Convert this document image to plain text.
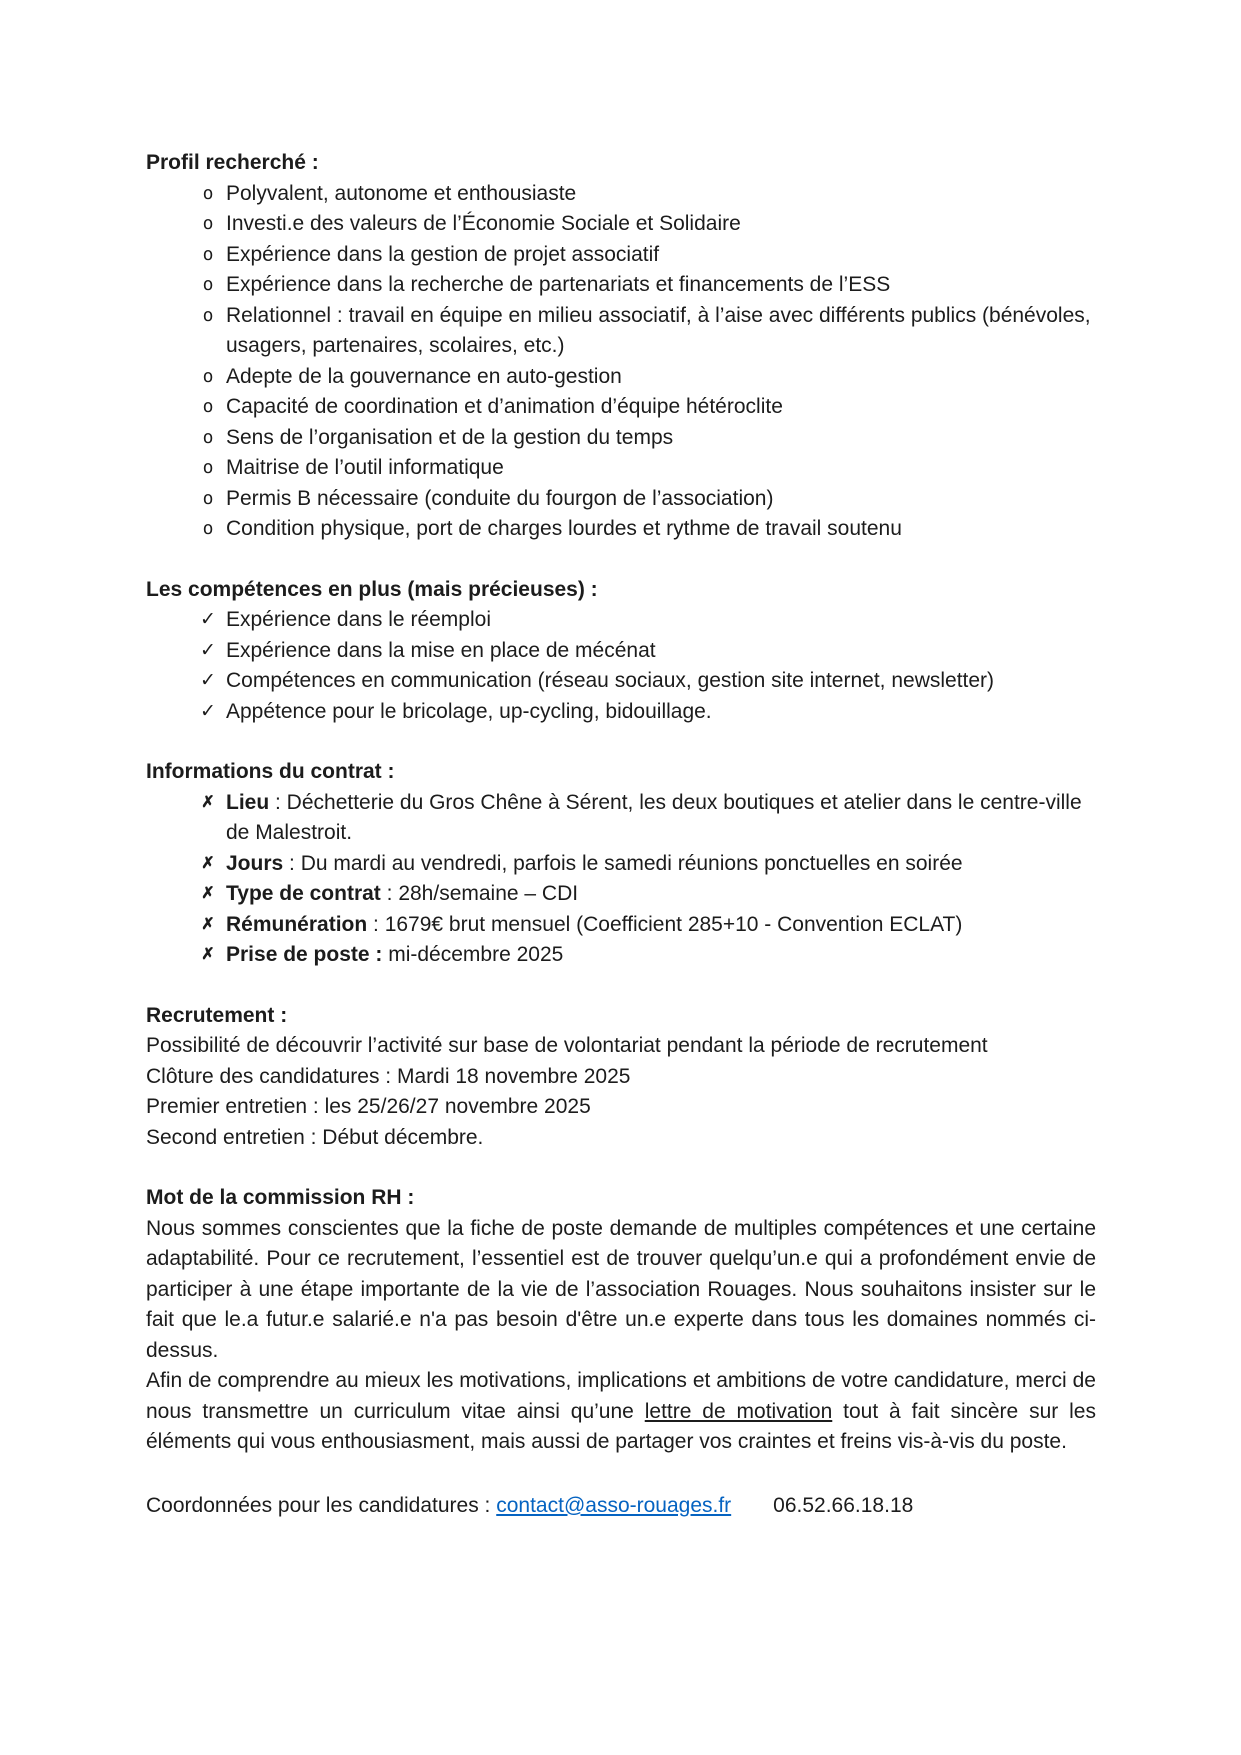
Profil recherché :

o Polyvalent, autonome et enthousiaste
o Investi.e des valeurs de l’Économie Sociale et Solidaire
o Expérience dans la gestion de projet associatif
o Expérience dans la recherche de partenariats et financements de l’ESS
o Relationnel : travail en équipe en milieu associatif, à l’aise avec différents publics (bénévoles, usagers, partenaires, scolaires, etc.)
o Adepte de la gouvernance en auto-gestion
o Capacité de coordination et d’animation d’équipe hétéroclite
o Sens de l’organisation et de la gestion du temps
o Maitrise de l’outil informatique
o Permis B nécessaire (conduite du fourgon de l’association)
o Condition physique, port de charges lourdes et rythme de travail soutenu

Les compétences en plus (mais précieuses) :

✓ Expérience dans le réemploi
✓ Expérience dans la mise en place de mécénat
✓ Compétences en communication (réseau sociaux, gestion site internet, newsletter)
✓ Appétence pour le bricolage, up-cycling, bidouillage.

Informations du contrat :

✗ Lieu : Déchetterie du Gros Chêne à Sérent, les deux boutiques et atelier dans le centre-ville de Malestroit.
✗ Jours : Du mardi au vendredi, parfois le samedi réunions ponctuelles en soirée
✗ Type de contrat : 28h/semaine – CDI
✗ Rémunération : 1679€ brut mensuel (Coefficient 285+10 - Convention ECLAT)
✗ Prise de poste : mi-décembre 2025

Recrutement :

Possibilité de découvrir l’activité sur base de volontariat pendant la période de recrutement

Clôture des candidatures : Mardi 18 novembre 2025

Premier entretien : les 25/26/27 novembre 2025

Second entretien : Début décembre.

Mot de la commission RH :

Nous sommes conscientes que la fiche de poste demande de multiples compétences et une certaine adaptabilité. Pour ce recrutement, l’essentiel est de trouver quelqu’un.e qui a profondément envie de participer à une étape importante de la vie de l’association Rouages. Nous souhaitons insister sur le fait que le.a futur.e salarié.e n'a pas besoin d'être un.e experte dans tous les domaines nommés ci-dessus.

Afin de comprendre au mieux les motivations, implications et ambitions de votre candidature, merci de nous transmettre un curriculum vitae ainsi qu’une lettre de motivation tout à fait sincère sur les éléments qui vous enthousiasment, mais aussi de partager vos craintes et freins vis-à-vis du poste.

Coordonnées pour les candidatures : contact@asso-rouages.fr 06.52.66.18.18
